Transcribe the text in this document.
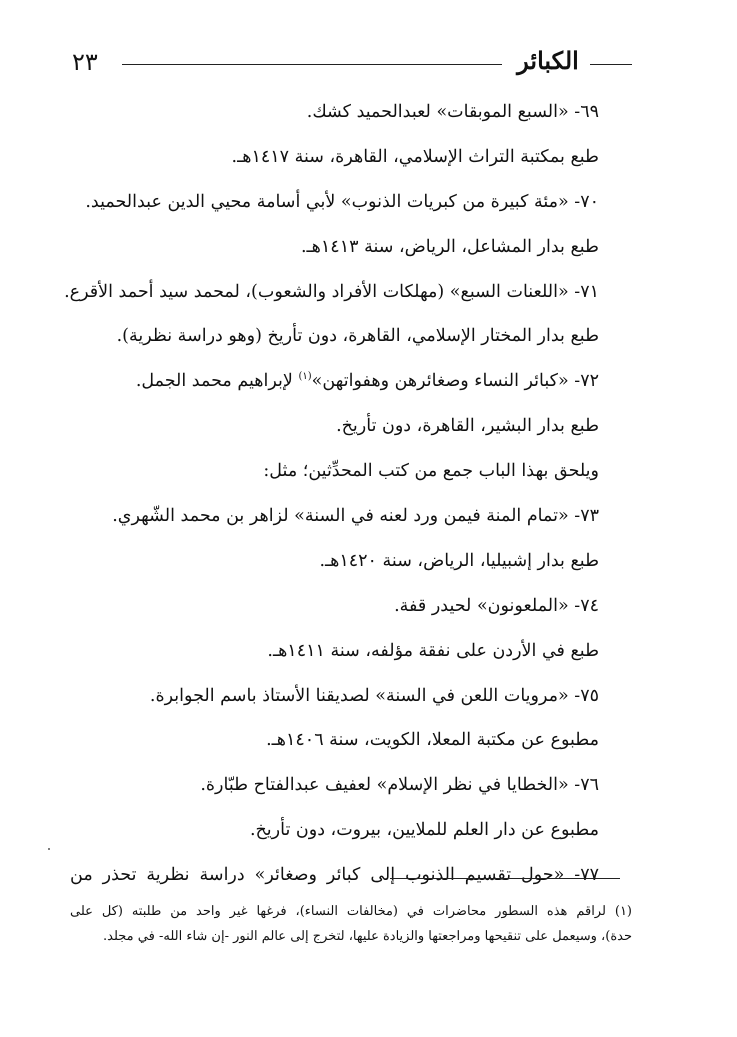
٢٣	الكبائر
٦٩- «السبع الموبقات» لعبدالحميد كشك.
طبع بمكتبة التراث الإسلامي، القاهرة، سنة ١٤١٧هـ.
٧٠- «مئة كبيرة من كبريات الذنوب» لأبي أسامة محيي الدين عبدالحميد.
طبع بدار المشاعل، الرياض، سنة ١٤١٣هـ.
٧١- «اللعنات السبع» (مهلكات الأفراد والشعوب)، لمحمد سيد أحمد الأقرع.
طبع بدار المختار الإسلامي، القاهرة، دون تأريخ (وهو دراسة نظرية).
٧٢- «كبائر النساء وصغائرهن وهفواتهن»$^{(١)}$ لإبراهيم محمد الجمل.
طبع بدار البشير، القاهرة، دون تأريخ.
ويلحق بهذا الباب جمع من كتب المحدِّثين؛ مثل:
٧٣- «تمام المنة فيمن ورد لعنه في السنة» لزاهر بن محمد الشّهري.
طبع بدار إشبيليا، الرياض، سنة ١٤٢٠هـ.
٧٤- «الملعونون» لحيدر قفة.
طبع في الأردن على نفقة مؤلفه، سنة ١٤١١هـ.
٧٥- «مرويات اللعن في السنة» لصديقنا الأستاذ باسم الجوابرة.
مطبوع عن مكتبة المعلا، الكويت، سنة ١٤٠٦هـ.
٧٦- «الخطايا في نظر الإسلام» لعفيف عبدالفتاح طبّارة.
مطبوع عن دار العلم للملايين، بيروت، دون تأريخ.
٧٧- «حول تقسيم الذنوب إلى كبائر وصغائر» دراسة نظرية تحذر من
(١) لراقم هذه السطور محاضرات في (مخالفات النساء)، فرغها غير واحد من طلبته (كل على
حدة)، وسيعمل على تنقيحها ومراجعتها والزيادة عليها، لتخرج إلى عالم النور -إن شاء الله- في مجلد.
